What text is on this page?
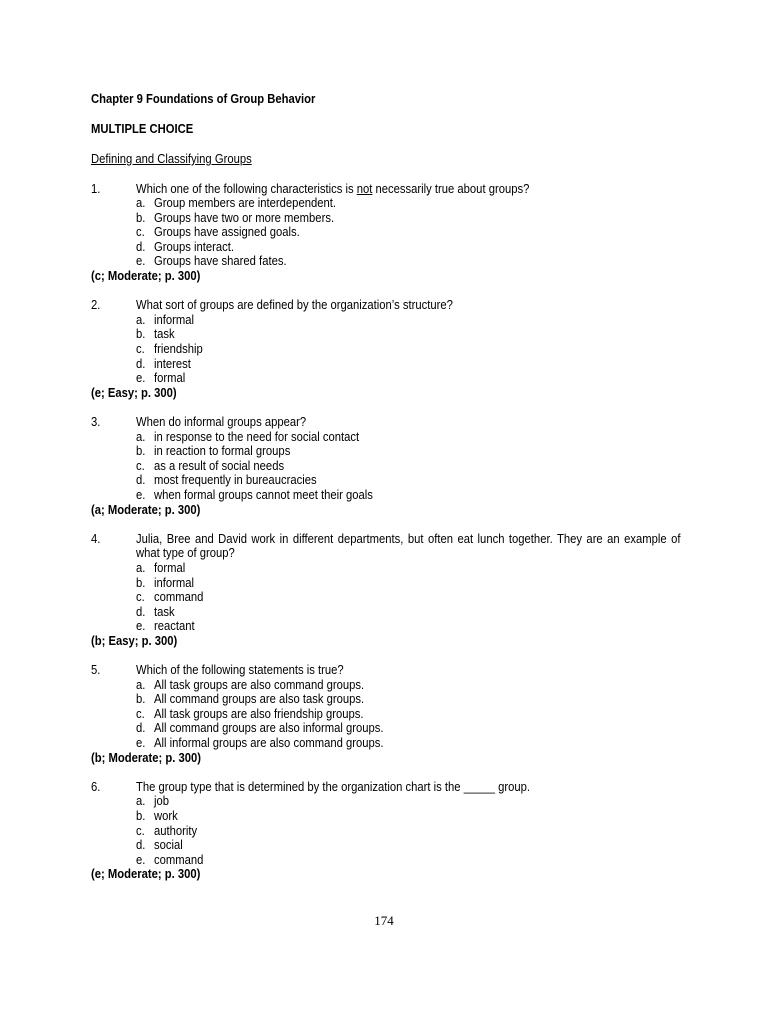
Chapter 9 Foundations of Group Behavior

MULTIPLE CHOICE

Defining and Classifying Groups

1.	Which one of the following characteristics is not necessarily true about groups?
a. Group members are interdependent.
b. Groups have two or more members.
c. Groups have assigned goals.
d. Groups interact.
e. Groups have shared fates.
(c; Moderate; p. 300)
2.	What sort of groups are defined by the organization’s structure?
a. informal
b. task
c. friendship
d. interest
e. formal
(e; Easy; p. 300)
3.	When do informal groups appear?
a. in response to the need for social contact
b. in reaction to formal groups
c. as a result of social needs
d. most frequently in bureaucracies
e. when formal groups cannot meet their goals
(a; Moderate; p. 300)
4.	Julia, Bree and David work in different departments, but often eat lunch together. They are an example of what type of group?
a. formal
b. informal
c. command
d. task
e. reactant
(b; Easy; p. 300)
5.	Which of the following statements is true?
a. All task groups are also command groups.
b. All command groups are also task groups.
c. All task groups are also friendship groups.
d. All command groups are also informal groups.
e. All informal groups are also command groups.
(b; Moderate; p. 300)
6.	The group type that is determined by the organization chart is the _____ group.
a. job
b. work
c. authority
d. social
e. command
(e; Moderate; p. 300)
174
